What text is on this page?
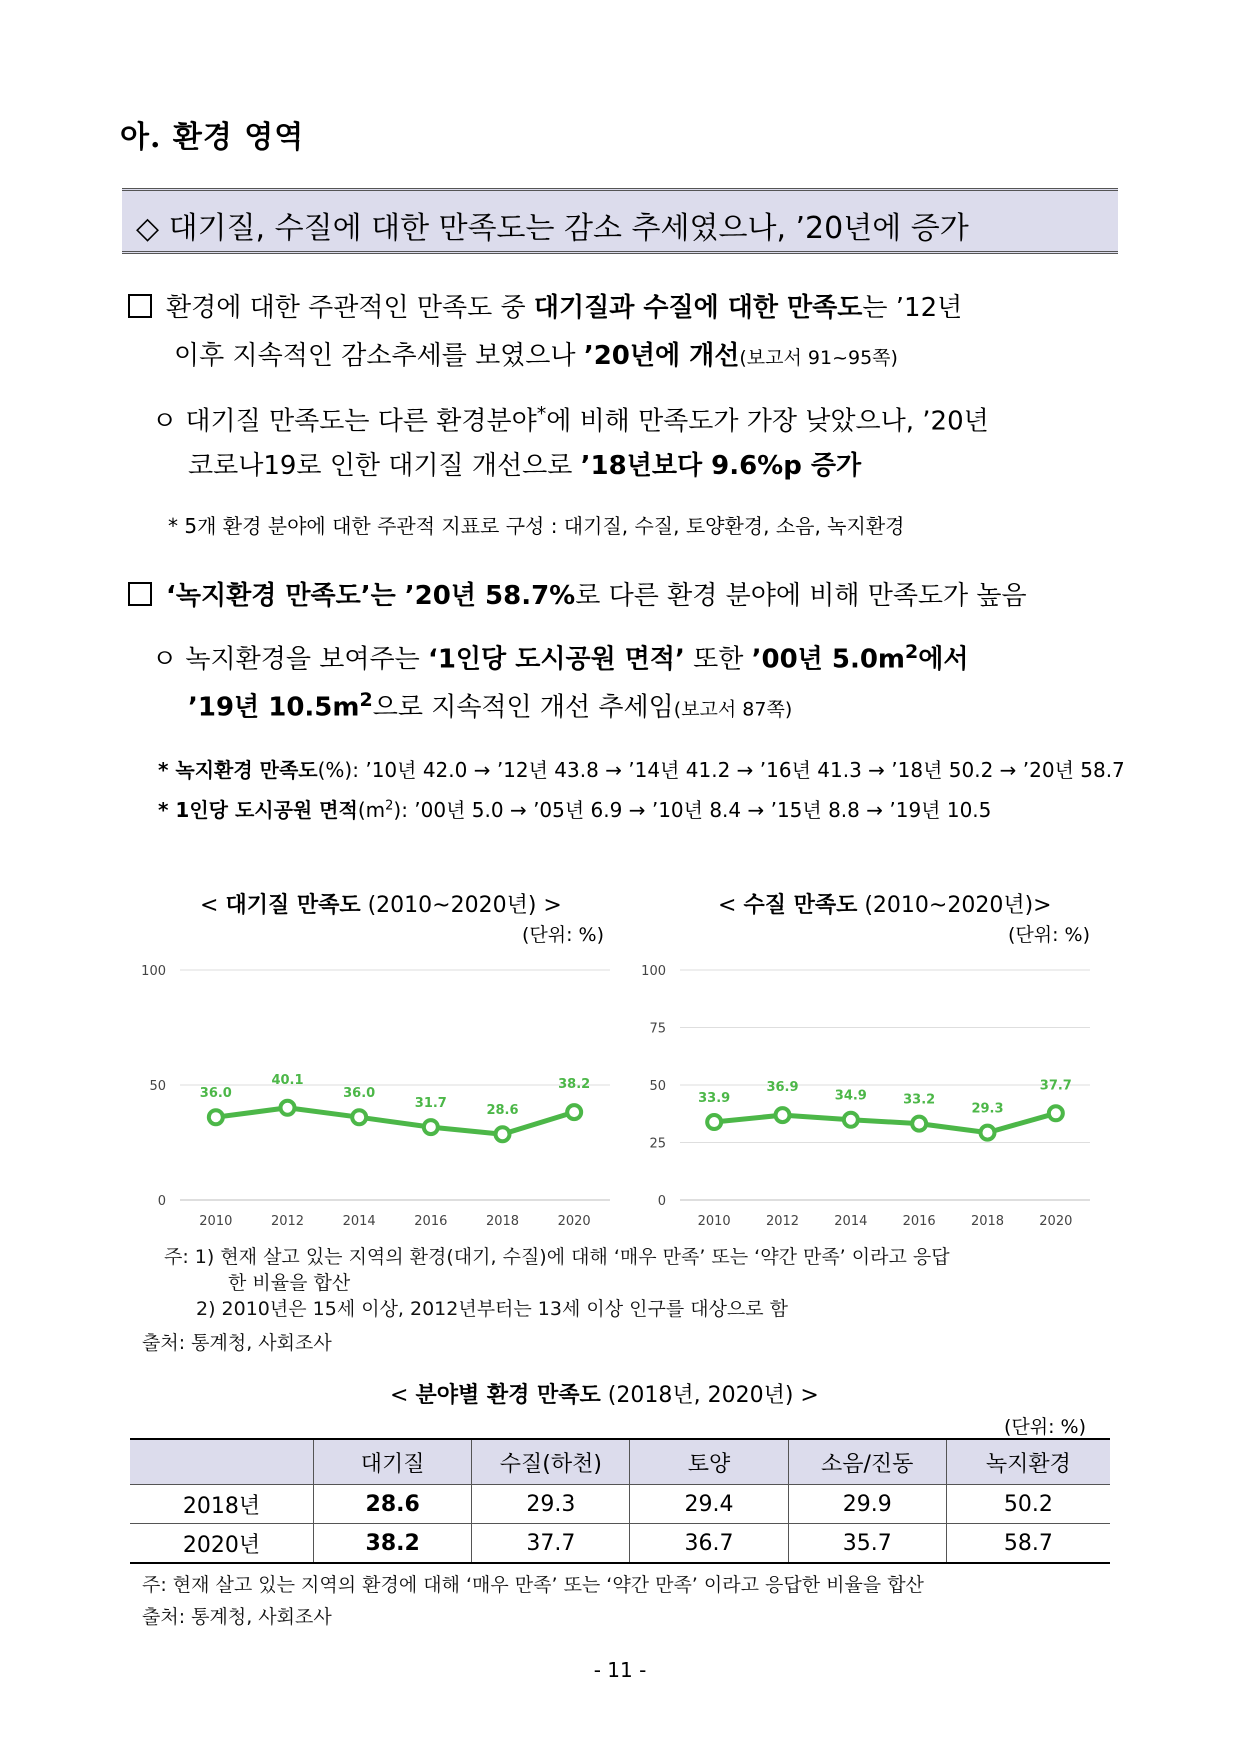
아. 환경 영역
◇ 대기질, 수질에 대한 만족도는 감소 추세였으나, ’20년에 증가
환경에 대한 주관적인 만족도 중 대기질과 수질에 대한 만족도는 ’12년
이후 지속적인 감소추세를 보였으나 ’20년에 개선(보고서 91~95쪽)
ㅇ 대기질 만족도는 다른 환경분야*에 비해 만족도가 가장 낮았으나, ’20년
코로나19로 인한 대기질 개선으로 ’18년보다 9.6%p 증가
* 5개 환경 분야에 대한 주관적 지표로 구성 : 대기질, 수질, 토양환경, 소음, 녹지환경
‘녹지환경 만족도’는 ’20년 58.7%로 다른 환경 분야에 비해 만족도가 높음
ㅇ 녹지환경을 보여주는 ‘1인당 도시공원 면적’ 또한 ’00년 $5.0m^2$에서
’19년 $10.5m^2$으로 지속적인 개선 추세임(보고서 87쪽)
* 녹지환경 만족도(%): ’10년 42.0 → ’12년 43.8 → ’14년 41.2 → ’16년 41.3 → ’18년 50.2 → ’20년 58.7
* 1인당 도시공원 면적$(m^2)$: ’00년 5.0 → ’05년 6.9 → ’10년 8.4 → ’15년 8.8 → ’19년 10.5
< 대기질 만족도 (2010~2020년) >
(단위: %)
< 수질 만족도 (2010~2020년)>
(단위: %)
0
50
100
2010	2012	2014	2016	2018	2020
36.0
40.1
36.0
31.7	28.6
38.2
0
25
50
75
100
2010	2012	2014	2016	2018	2020
33.9
36.9
34.9	33.2
29.3
37.7
주: 1) 현재 살고 있는 지역의 환경(대기, 수질)에 대해 ‘매우 만족’ 또는 ‘약간 만족’ 이라고 응답
한 비율을 합산
2) 2010년은 15세 이상, 2012년부터는 13세 이상 인구를 대상으로 함
출처: 통계청, 사회조사
< 분야별 환경 만족도 (2018년, 2020년) >
(단위: %)
	대기질	수질(하천)	토양	소음/진동	녹지환경
2018년	28.6	29.3	29.4	29.9	50.2
2020년	38.2	37.7	36.7	35.7	58.7
주: 현재 살고 있는 지역의 환경에 대해 ‘매우 만족’ 또는 ‘약간 만족’ 이라고 응답한 비율을 합산
출처: 통계청, 사회조사
- 11 -
